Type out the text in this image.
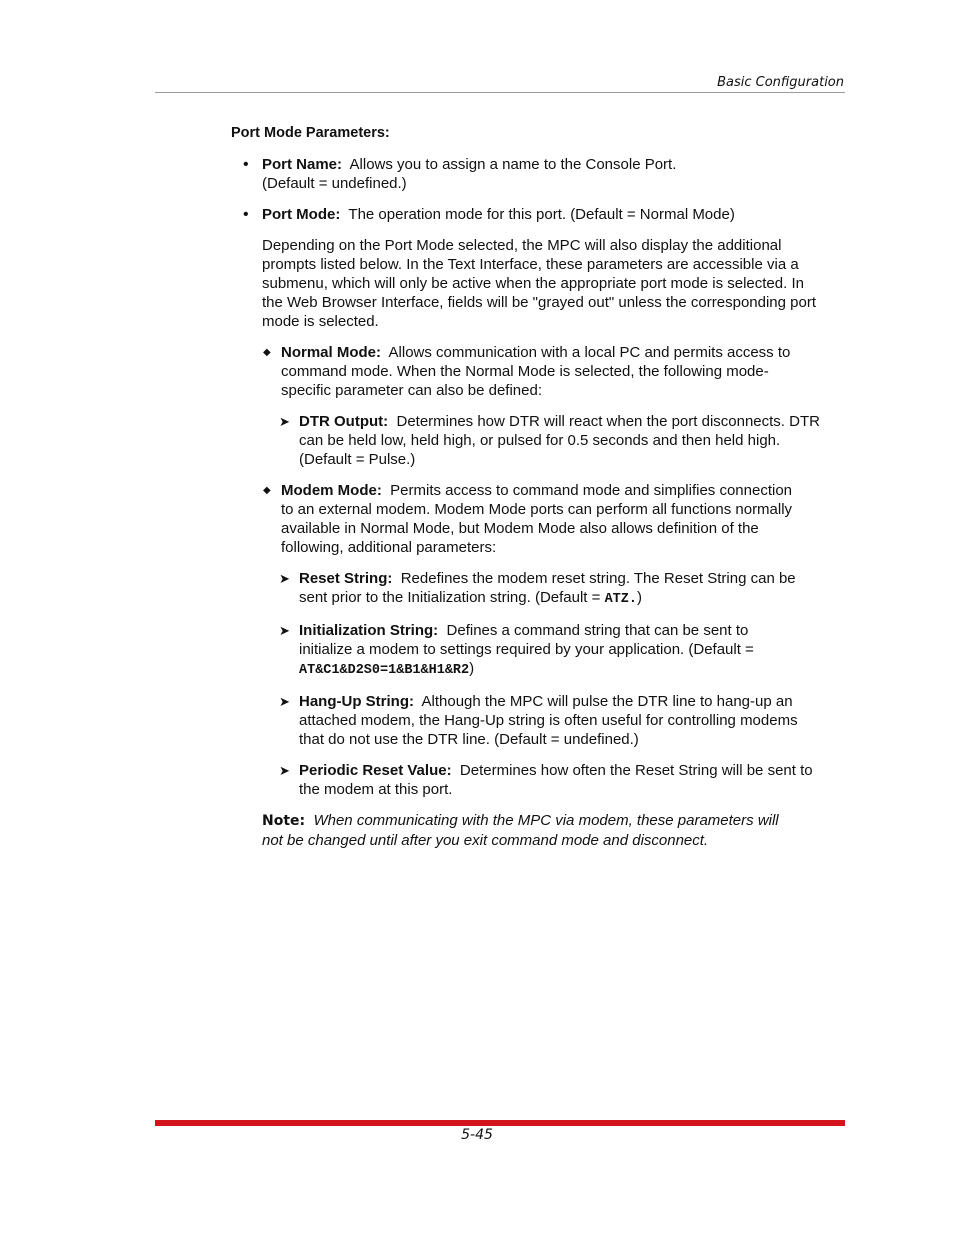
Basic Configuration
Port Mode Parameters:
• Port Name: Allows you to assign a name to the Console Port.
(Default = undefined.)
• Port Mode: The operation mode for this port. (Default = Normal Mode)
Depending on the Port Mode selected, the MPC will also display the additional
prompts listed below. In the Text Interface, these parameters are accessible via a
submenu, which will only be active when the appropriate port mode is selected. In
the Web Browser Interface, fields will be "grayed out" unless the corresponding port
mode is selected.
◆ Normal Mode: Allows communication with a local PC and permits access to
command mode. When the Normal Mode is selected, the following mode-
specific parameter can also be defined:
➤ DTR Output: Determines how DTR will react when the port disconnects. DTR
can be held low, held high, or pulsed for 0.5 seconds and then held high.
(Default = Pulse.)
◆ Modem Mode: Permits access to command mode and simplifies connection
to an external modem. Modem Mode ports can perform all functions normally
available in Normal Mode, but Modem Mode also allows definition of the
following, additional parameters:
➤ Reset String: Redefines the modem reset string. The Reset String can be
sent prior to the Initialization string. (Default = ATZ.)
➤ Initialization String: Defines a command string that can be sent to
initialize a modem to settings required by your application. (Default =
AT&C1&D2S0=1&B1&H1&R2)
➤ Hang-Up String: Although the MPC will pulse the DTR line to hang-up an
attached modem, the Hang-Up string is often useful for controlling modems
that do not use the DTR line. (Default = undefined.)
➤ Periodic Reset Value: Determines how often the Reset String will be sent to
the modem at this port.
Note: When communicating with the MPC via modem, these parameters will
not be changed until after you exit command mode and disconnect.
5-45
